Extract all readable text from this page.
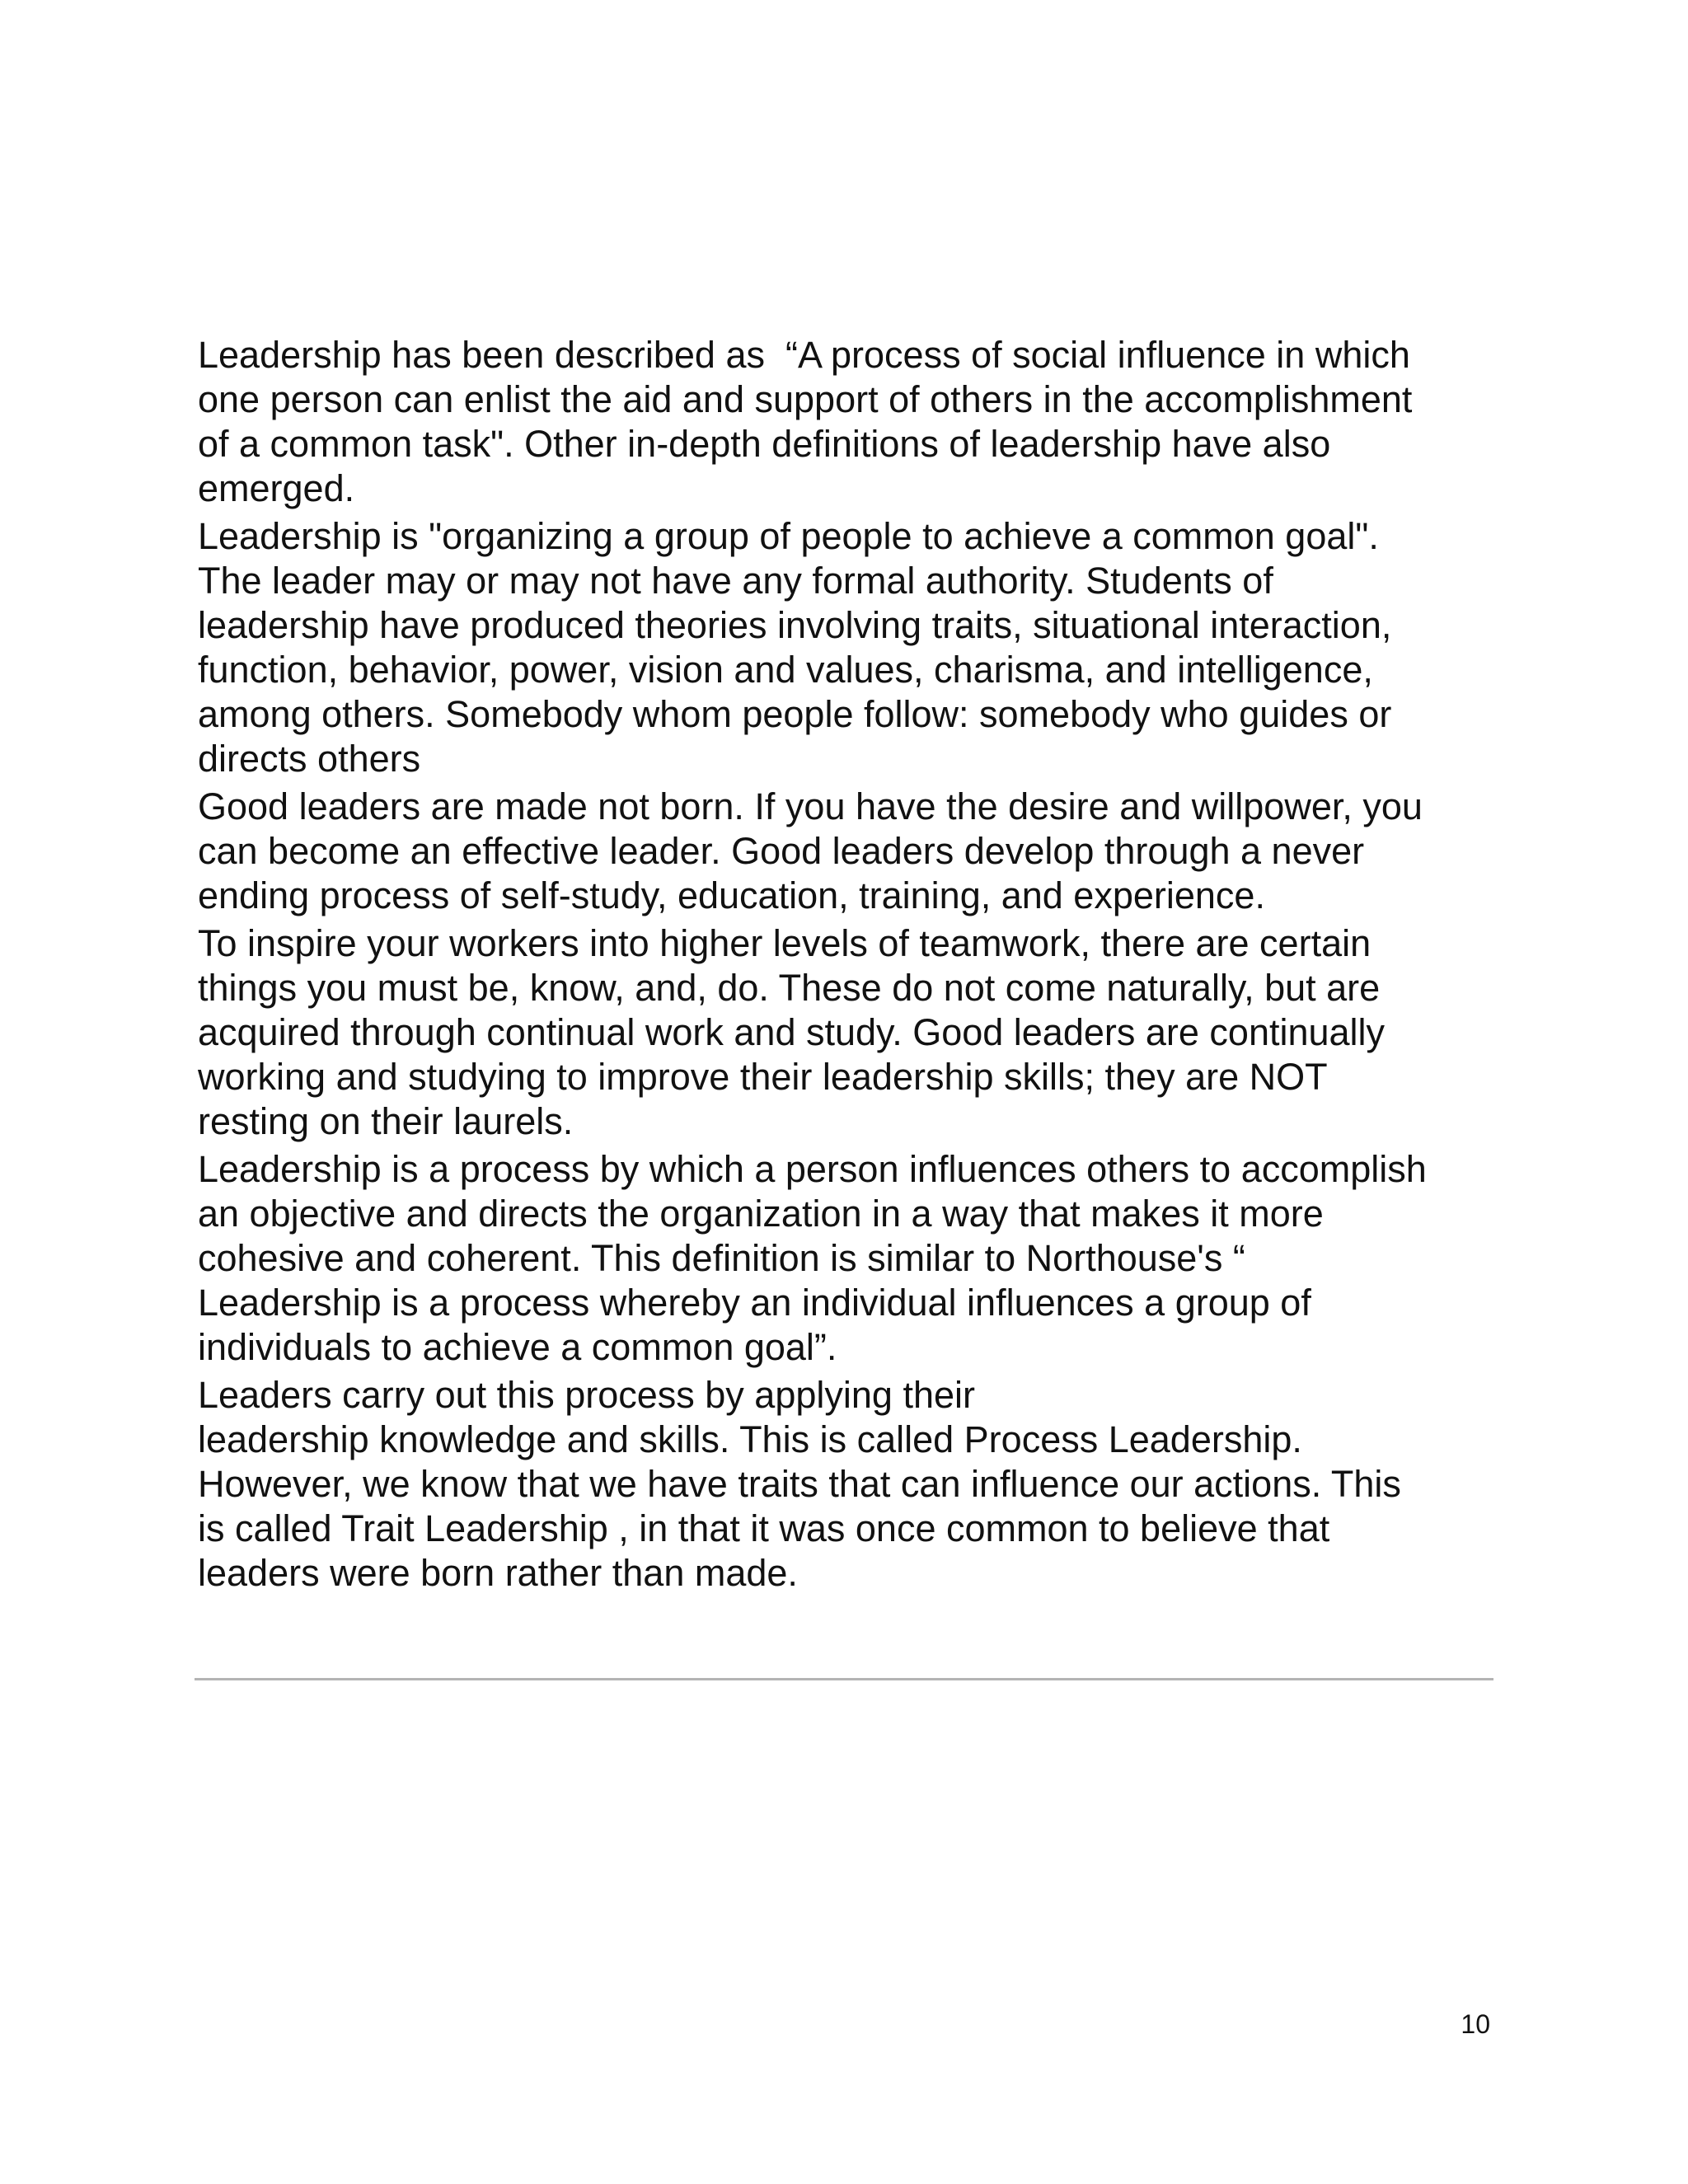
Leadership has been described as  “A process of social influence in which
one person can enlist the aid and support of others in the accomplishment
of a common task". Other in-depth definitions of leadership have also
emerged.

Leadership is "organizing a group of people to achieve a common goal".
The leader may or may not have any formal authority. Students of
leadership have produced theories involving traits, situational interaction,
function, behavior, power, vision and values, charisma, and intelligence,
among others. Somebody whom people follow: somebody who guides or
directs others

Good leaders are made not born. If you have the desire and willpower, you
can become an effective leader. Good leaders develop through a never
ending process of self-study, education, training, and experience.

To inspire your workers into higher levels of teamwork, there are certain
things you must be, know, and, do. These do not come naturally, but are
acquired through continual work and study. Good leaders are continually
working and studying to improve their leadership skills; they are NOT
resting on their laurels.

Leadership is a process by which a person influences others to accomplish
an objective and directs the organization in a way that makes it more
cohesive and coherent. This definition is similar to Northouse's “
Leadership is a process whereby an individual influences a group of
individuals to achieve a common goal”.

Leaders carry out this process by applying their
leadership knowledge and skills. This is called Process Leadership.
However, we know that we have traits that can influence our actions. This
is called Trait Leadership , in that it was once common to believe that
leaders were born rather than made.

10
